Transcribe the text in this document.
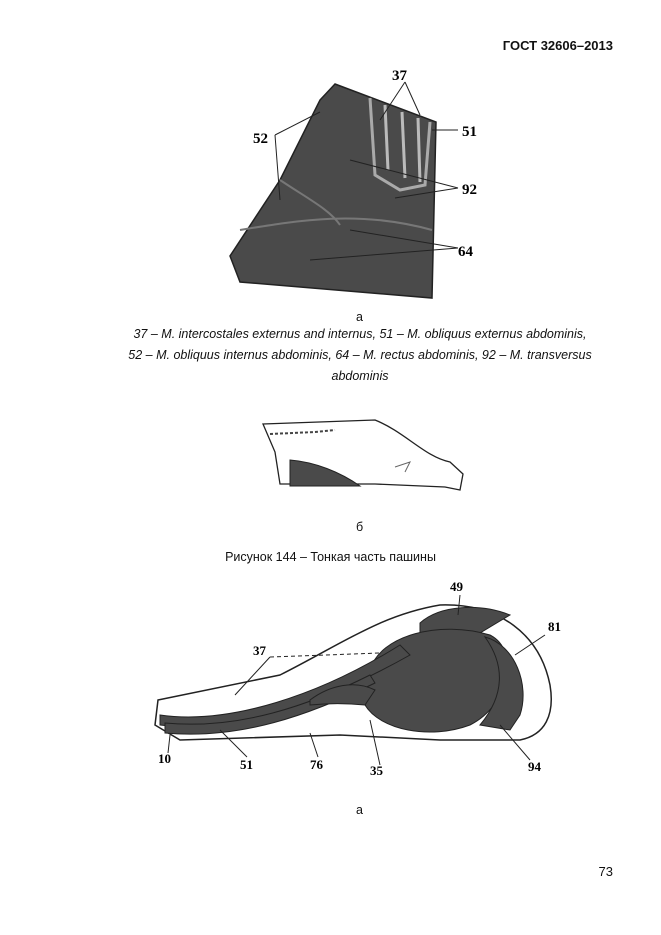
ГОСТ 32606–2013
37
51
52
92
64
а
37 – M. intercostales externus and internus, 51 – M. obliquus externus abdominis,
52 – M. obliquus internus abdominis, 64 – M. rectus abdominis, 92 – M. transversus
abdominis
б
Рисунок 144 – Тонкая часть пашины
49
81
37
10	51	76	35	94
а
73
